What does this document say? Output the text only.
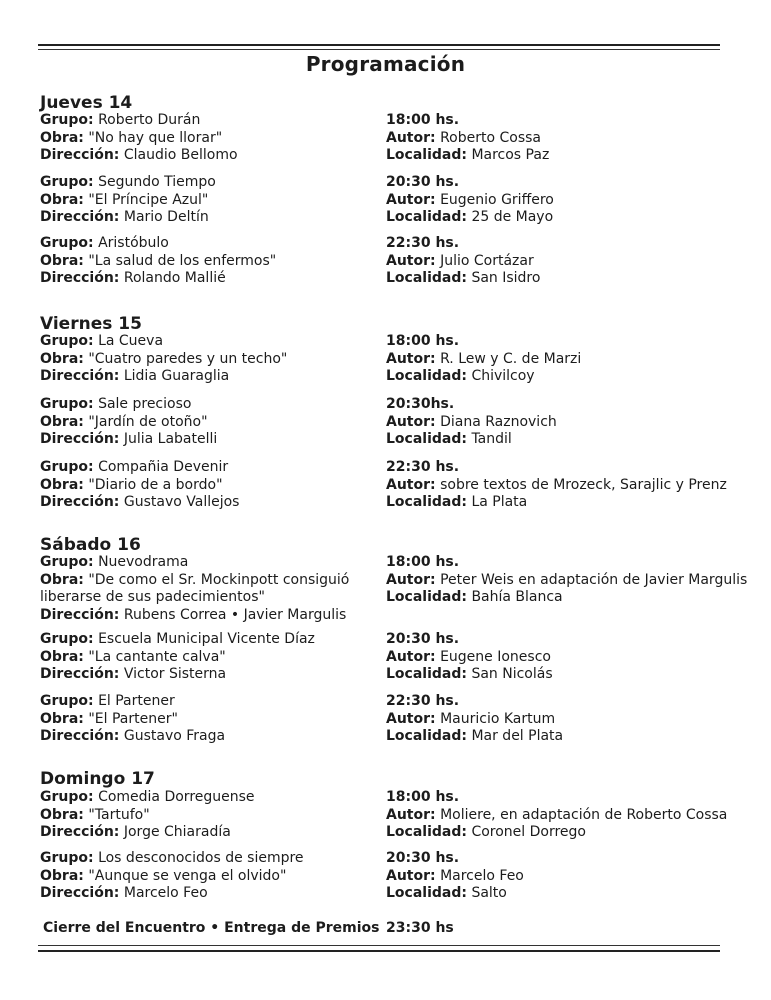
Programación
Jueves 14
Grupo: Roberto Durán
Obra: "No hay que llorar"
Dirección: Claudio Bellomo
18:00 hs.
Autor: Roberto Cossa
Localidad: Marcos Paz
Grupo: Segundo Tiempo
Obra: "El Príncipe Azul"
Dirección: Mario Deltín
20:30 hs.
Autor: Eugenio Griffero
Localidad: 25 de Mayo
Grupo: Aristóbulo
Obra: "La salud de los enfermos"
Dirección: Rolando Mallié
22:30 hs.
Autor: Julio Cortázar
Localidad: San Isidro
Viernes 15
Grupo: La Cueva
Obra: "Cuatro paredes y un techo"
Dirección: Lidia Guaraglia
18:00 hs.
Autor: R. Lew y C. de Marzi
Localidad: Chivilcoy
Grupo: Sale precioso
Obra: "Jardín de otoño"
Dirección: Julia Labatelli
20:30hs.
Autor: Diana Raznovich
Localidad: Tandil
Grupo: Compañia Devenir
Obra: "Diario de a bordo"
Dirección: Gustavo Vallejos
22:30 hs.
Autor: sobre textos de Mrozeck, Sarajlic y Prenz
Localidad: La Plata
Sábado 16
Grupo: Nuevodrama
Obra: "De como el Sr. Mockinpott consiguió
liberarse de sus padecimientos"
Dirección: Rubens Correa • Javier Margulis
18:00 hs.
Autor: Peter Weis en adaptación de Javier Margulis
Localidad: Bahía Blanca
Grupo: Escuela Municipal Vicente Díaz
Obra: "La cantante calva"
Dirección: Victor Sisterna
20:30 hs.
Autor: Eugene Ionesco
Localidad: San Nicolás
Grupo: El Partener
Obra: "El Partener"
Dirección: Gustavo Fraga
22:30 hs.
Autor: Mauricio Kartum
Localidad: Mar del Plata
Domingo 17
Grupo: Comedia Dorreguense
Obra: "Tartufo"
Dirección: Jorge Chiaradía
18:00 hs.
Autor: Moliere, en adaptación de Roberto Cossa
Localidad: Coronel Dorrego
Grupo: Los desconocidos de siempre
Obra: "Aunque se venga el olvido"
Dirección: Marcelo Feo
20:30 hs.
Autor: Marcelo Feo
Localidad: Salto
Cierre del Encuentro • Entrega de Premios 23:30 hs
